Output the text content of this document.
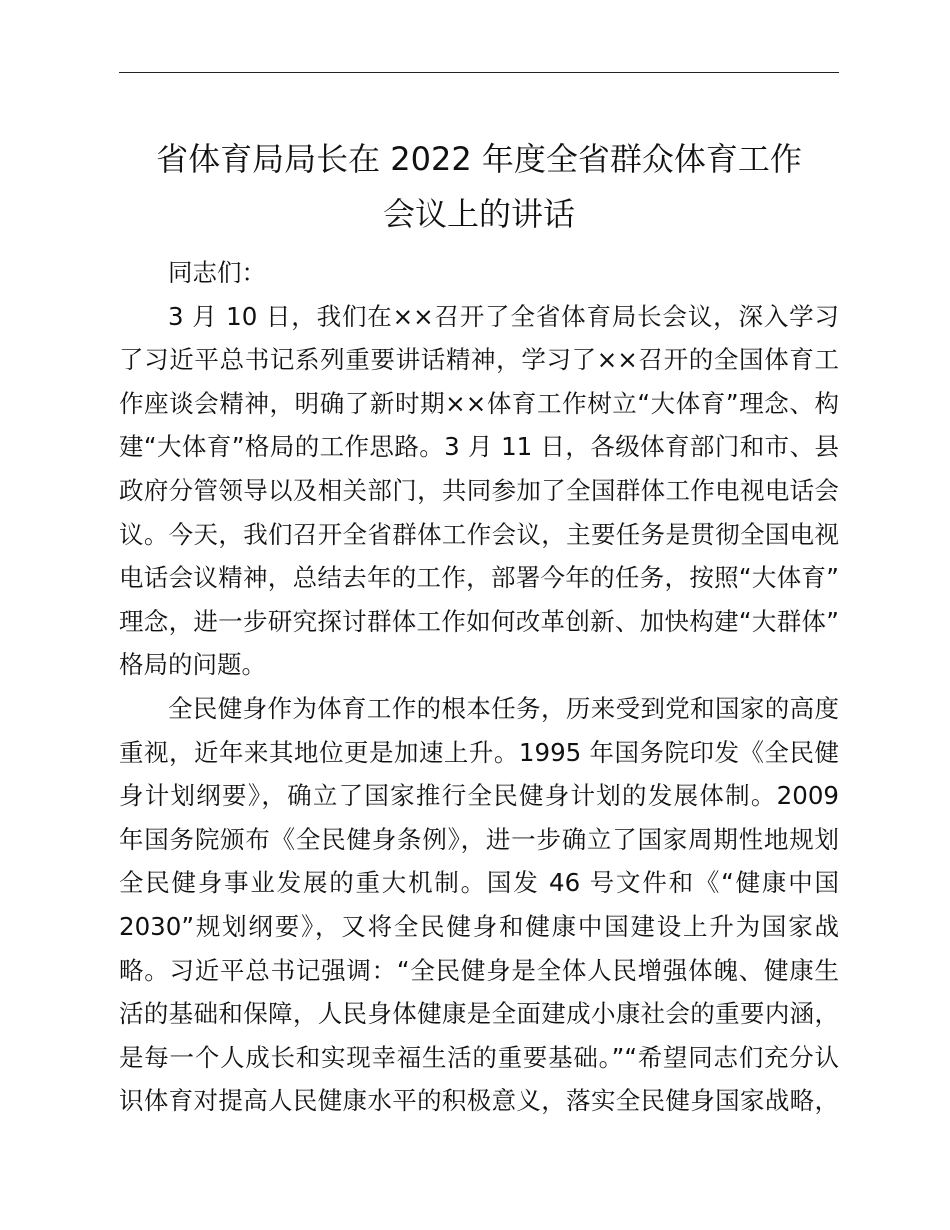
省体育局局长在 2022 年度全省群众体育工作
会议上的讲话

同志们：

3 月 10 日，我们在××召开了全省体育局长会议，深入学习
了习近平总书记系列重要讲话精神，学习了××召开的全国体育工
作座谈会精神，明确了新时期××体育工作树立“大体育”理念、构
建“大体育”格局的工作思路。3 月 11 日，各级体育部门和市、县
政府分管领导以及相关部门，共同参加了全国群体工作电视电话会
议。今天，我们召开全省群体工作会议，主要任务是贯彻全国电视
电话会议精神，总结去年的工作，部署今年的任务，按照“大体育”
理念，进一步研究探讨群体工作如何改革创新、加快构建“大群体”
格局的问题。

全民健身作为体育工作的根本任务，历来受到党和国家的高度
重视，近年来其地位更是加速上升。1995 年国务院印发《全民健
身计划纲要》，确立了国家推行全民健身计划的发展体制。2009
年国务院颁布《全民健身条例》，进一步确立了国家周期性地规划
全民健身事业发展的重大机制。国发 46 号文件和《“健康中国
2030”规划纲要》，又将全民健身和健康中国建设上升为国家战
略。习近平总书记强调：“全民健身是全体人民增强体魄、健康生
活的基础和保障，人民身体健康是全面建成小康社会的重要内涵，
是每一个人成长和实现幸福生活的重要基础。”“希望同志们充分认
识体育对提高人民健康水平的积极意义，落实全民健身国家战略，
